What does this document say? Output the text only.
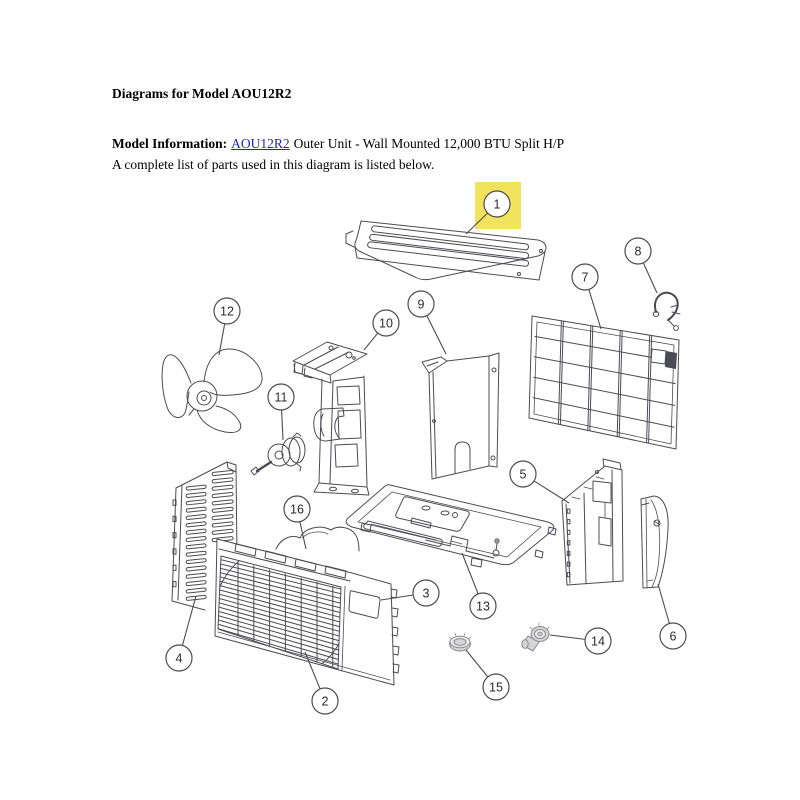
Diagrams for Model AOU12R2
Model Information: AOU12R2 Outer Unit - Wall Mounted 12,000 BTU Split H/P
A complete list of parts used in this diagram is listed below.
1
2
3
4
5
6
7
8
9
10
11
12
13
14
15
16
